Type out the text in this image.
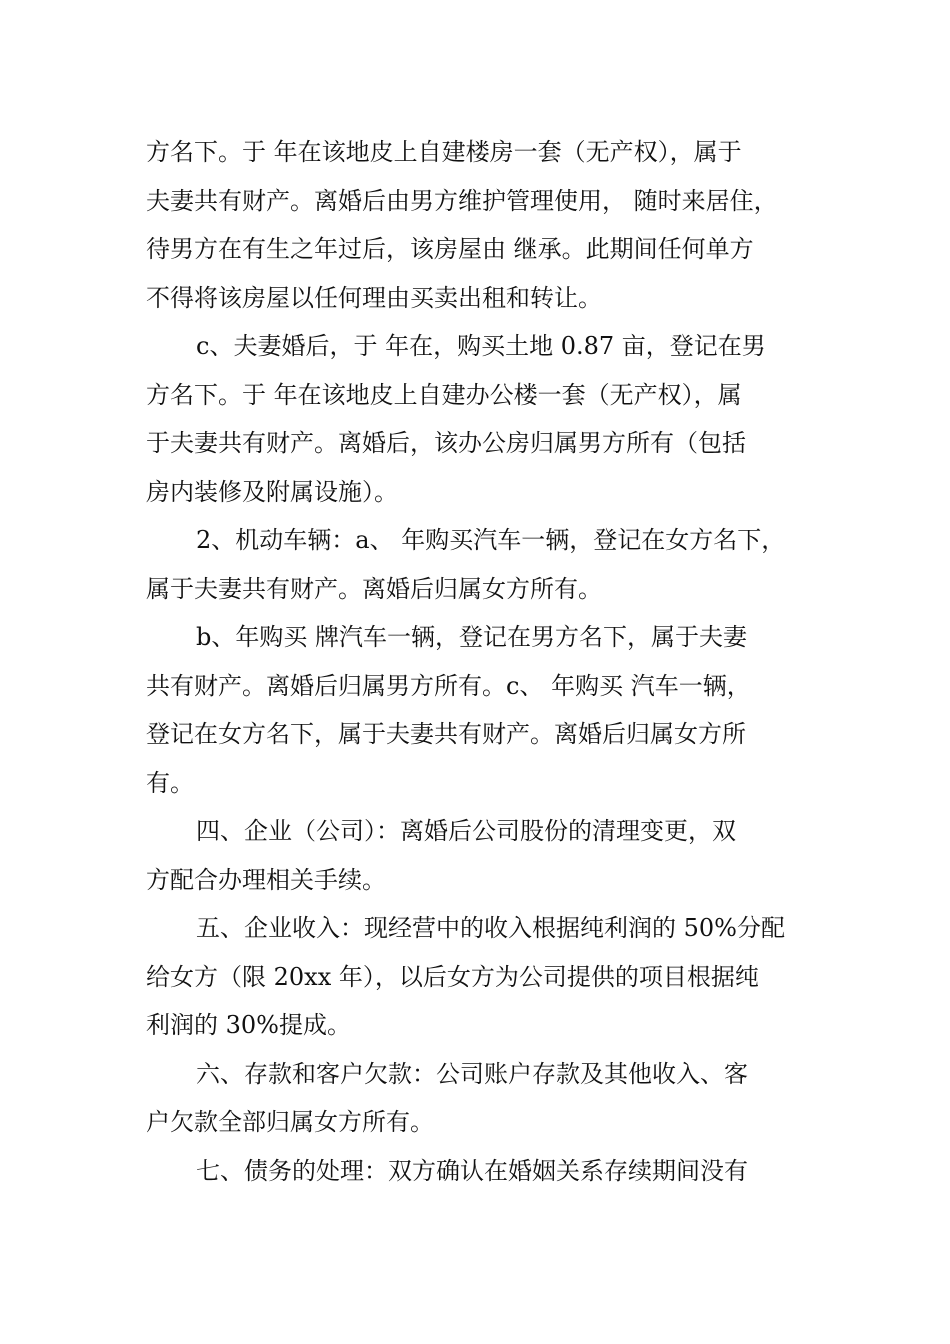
方名下。于 年在该地皮上自建楼房一套（无产权），属于
夫妻共有财产。离婚后由男方维护管理使用， 随时来居住，
待男方在有生之年过后，该房屋由 继承。此期间任何单方
不得将该房屋以任何理由买卖出租和转让。

c、夫妻婚后，于 年在，购买土地 0.87 亩，登记在男
方名下。于 年在该地皮上自建办公楼一套（无产权），属
于夫妻共有财产。离婚后，该办公房归属男方所有（包括
房内装修及附属设施）。

2、机动车辆：a、 年购买汽车一辆，登记在女方名下，
属于夫妻共有财产。离婚后归属女方所有。

b、年购买 牌汽车一辆，登记在男方名下，属于夫妻
共有财产。离婚后归属男方所有。c、 年购买 汽车一辆，
登记在女方名下，属于夫妻共有财产。离婚后归属女方所
有。

四、企业（公司）：离婚后公司股份的清理变更，双
方配合办理相关手续。

五、企业收入：现经营中的收入根据纯利润的 50%分配
给女方（限 20xx 年），以后女方为公司提供的项目根据纯
利润的 30%提成。

六、存款和客户欠款：公司账户存款及其他收入、客
户欠款全部归属女方所有。

七、债务的处理：双方确认在婚姻关系存续期间没有
